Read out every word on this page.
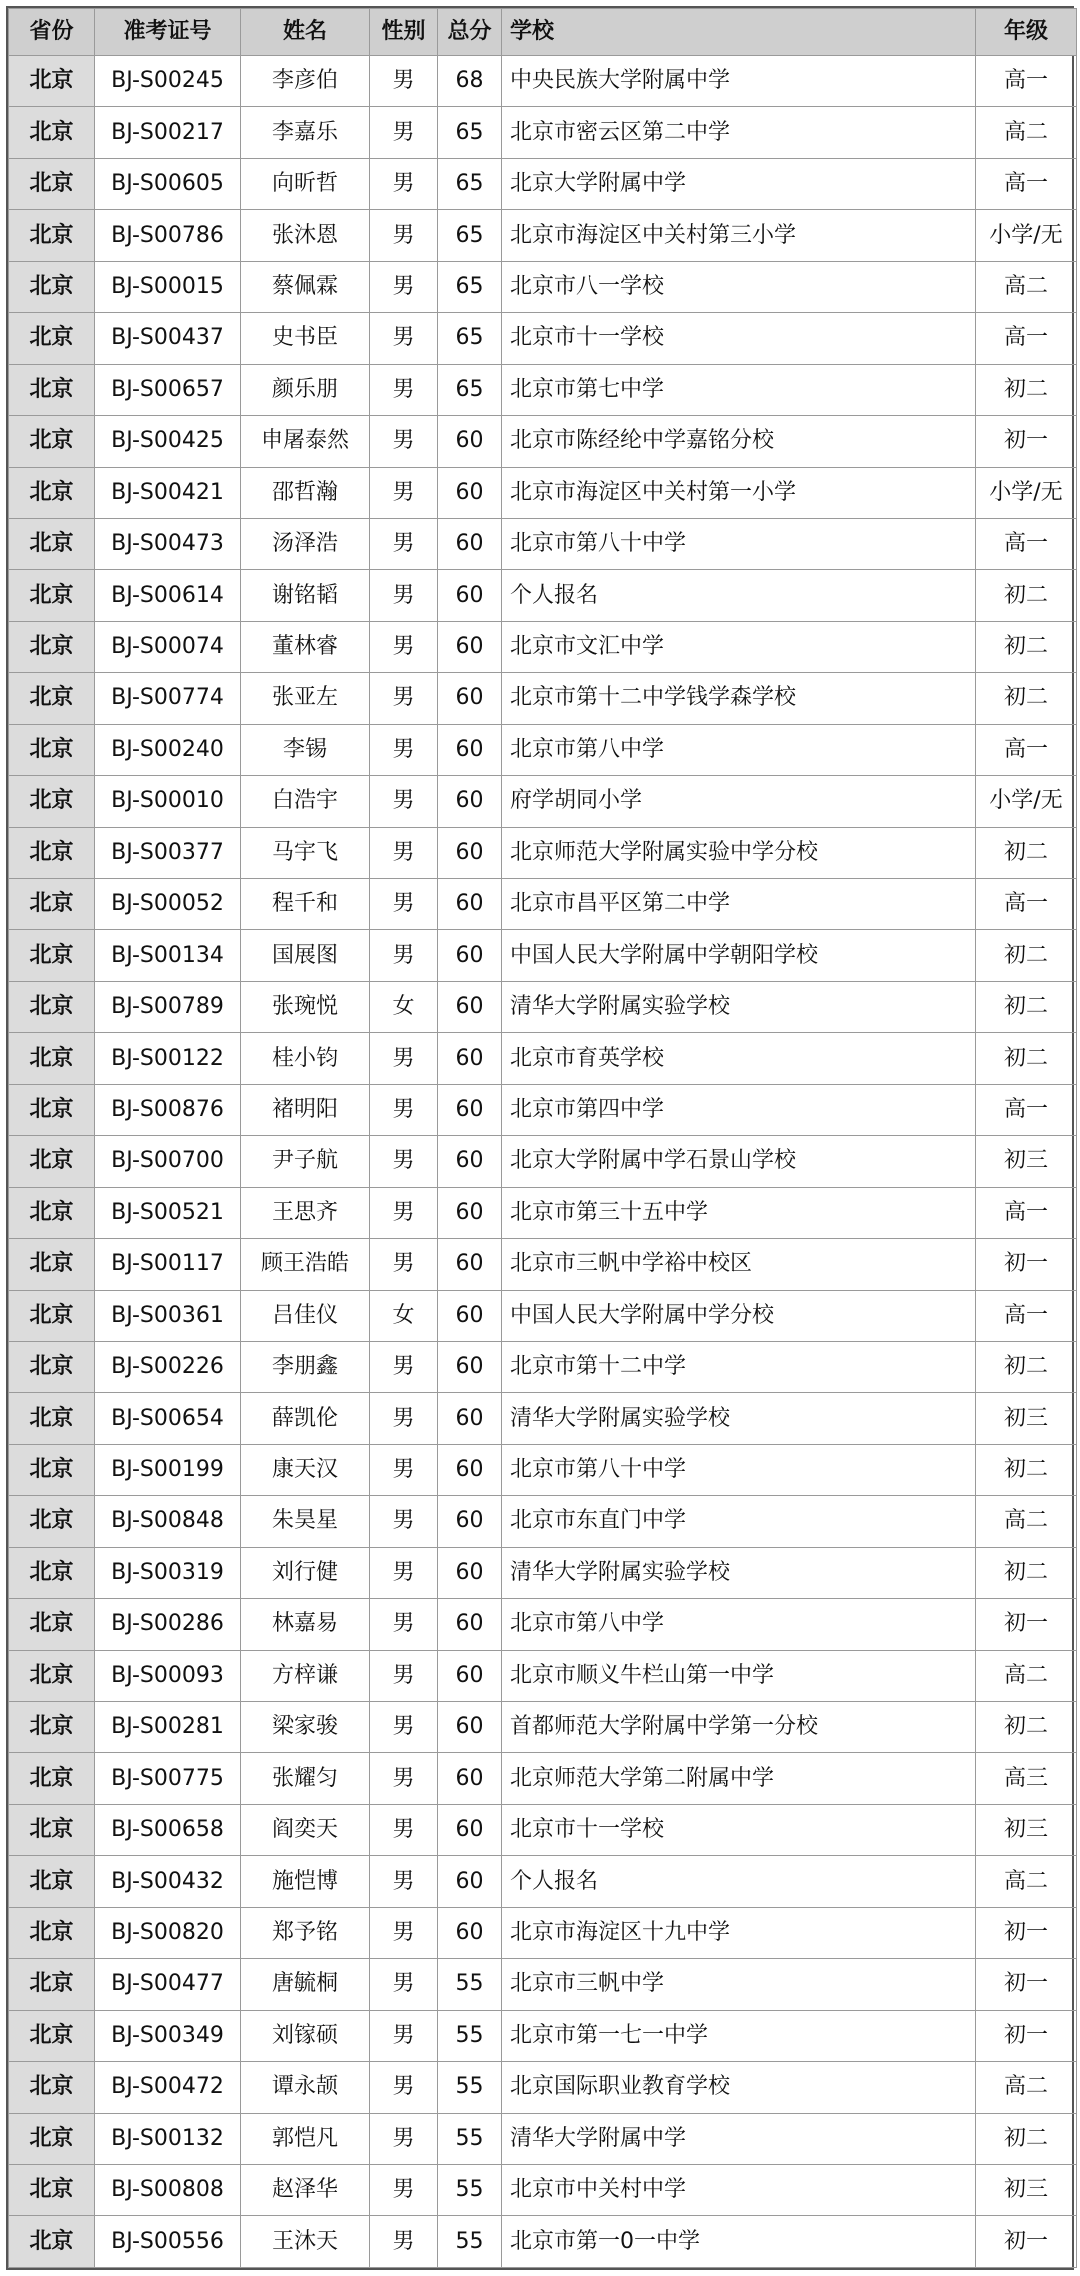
省份	准考证号	姓名	性别	总分	学校	年级
北京	BJ-S00245	李彦伯	男	68	中央民族大学附属中学	高一
北京	BJ-S00217	李嘉乐	男	65	北京市密云区第二中学	高二
北京	BJ-S00605	向昕哲	男	65	北京大学附属中学	高一
北京	BJ-S00786	张沐恩	男	65	北京市海淀区中关村第三小学	小学/无
北京	BJ-S00015	蔡佩霖	男	65	北京市八一学校	高二
北京	BJ-S00437	史书臣	男	65	北京市十一学校	高一
北京	BJ-S00657	颜乐朋	男	65	北京市第七中学	初二
北京	BJ-S00425	申屠泰然	男	60	北京市陈经纶中学嘉铭分校	初一
北京	BJ-S00421	邵哲瀚	男	60	北京市海淀区中关村第一小学	小学/无
北京	BJ-S00473	汤泽浩	男	60	北京市第八十中学	高一
北京	BJ-S00614	谢铭韬	男	60	个人报名	初二
北京	BJ-S00074	董林睿	男	60	北京市文汇中学	初二
北京	BJ-S00774	张亚左	男	60	北京市第十二中学钱学森学校	初二
北京	BJ-S00240	李锡	男	60	北京市第八中学	高一
北京	BJ-S00010	白浩宇	男	60	府学胡同小学	小学/无
北京	BJ-S00377	马宇飞	男	60	北京师范大学附属实验中学分校	初二
北京	BJ-S00052	程千和	男	60	北京市昌平区第二中学	高一
北京	BJ-S00134	国展图	男	60	中国人民大学附属中学朝阳学校	初二
北京	BJ-S00789	张琬悦	女	60	清华大学附属实验学校	初二
北京	BJ-S00122	桂小钧	男	60	北京市育英学校	初二
北京	BJ-S00876	褚明阳	男	60	北京市第四中学	高一
北京	BJ-S00700	尹子航	男	60	北京大学附属中学石景山学校	初三
北京	BJ-S00521	王思齐	男	60	北京市第三十五中学	高一
北京	BJ-S00117	顾王浩皓	男	60	北京市三帆中学裕中校区	初一
北京	BJ-S00361	吕佳仪	女	60	中国人民大学附属中学分校	高一
北京	BJ-S00226	李朋鑫	男	60	北京市第十二中学	初二
北京	BJ-S00654	薛凯伦	男	60	清华大学附属实验学校	初三
北京	BJ-S00199	康天汉	男	60	北京市第八十中学	初二
北京	BJ-S00848	朱昊星	男	60	北京市东直门中学	高二
北京	BJ-S00319	刘行健	男	60	清华大学附属实验学校	初二
北京	BJ-S00286	林嘉易	男	60	北京市第八中学	初一
北京	BJ-S00093	方梓谦	男	60	北京市顺义牛栏山第一中学	高二
北京	BJ-S00281	梁家骏	男	60	首都师范大学附属中学第一分校	初二
北京	BJ-S00775	张耀匀	男	60	北京师范大学第二附属中学	高三
北京	BJ-S00658	阎奕天	男	60	北京市十一学校	初三
北京	BJ-S00432	施恺博	男	60	个人报名	高二
北京	BJ-S00820	郑予铭	男	60	北京市海淀区十九中学	初一
北京	BJ-S00477	唐毓桐	男	55	北京市三帆中学	初一
北京	BJ-S00349	刘镓硕	男	55	北京市第一七一中学	初一
北京	BJ-S00472	谭永颉	男	55	北京国际职业教育学校	高二
北京	BJ-S00132	郭恺凡	男	55	清华大学附属中学	初二
北京	BJ-S00808	赵泽华	男	55	北京市中关村中学	初三
北京	BJ-S00556	王沐天	男	55	北京市第一0一中学	初一
